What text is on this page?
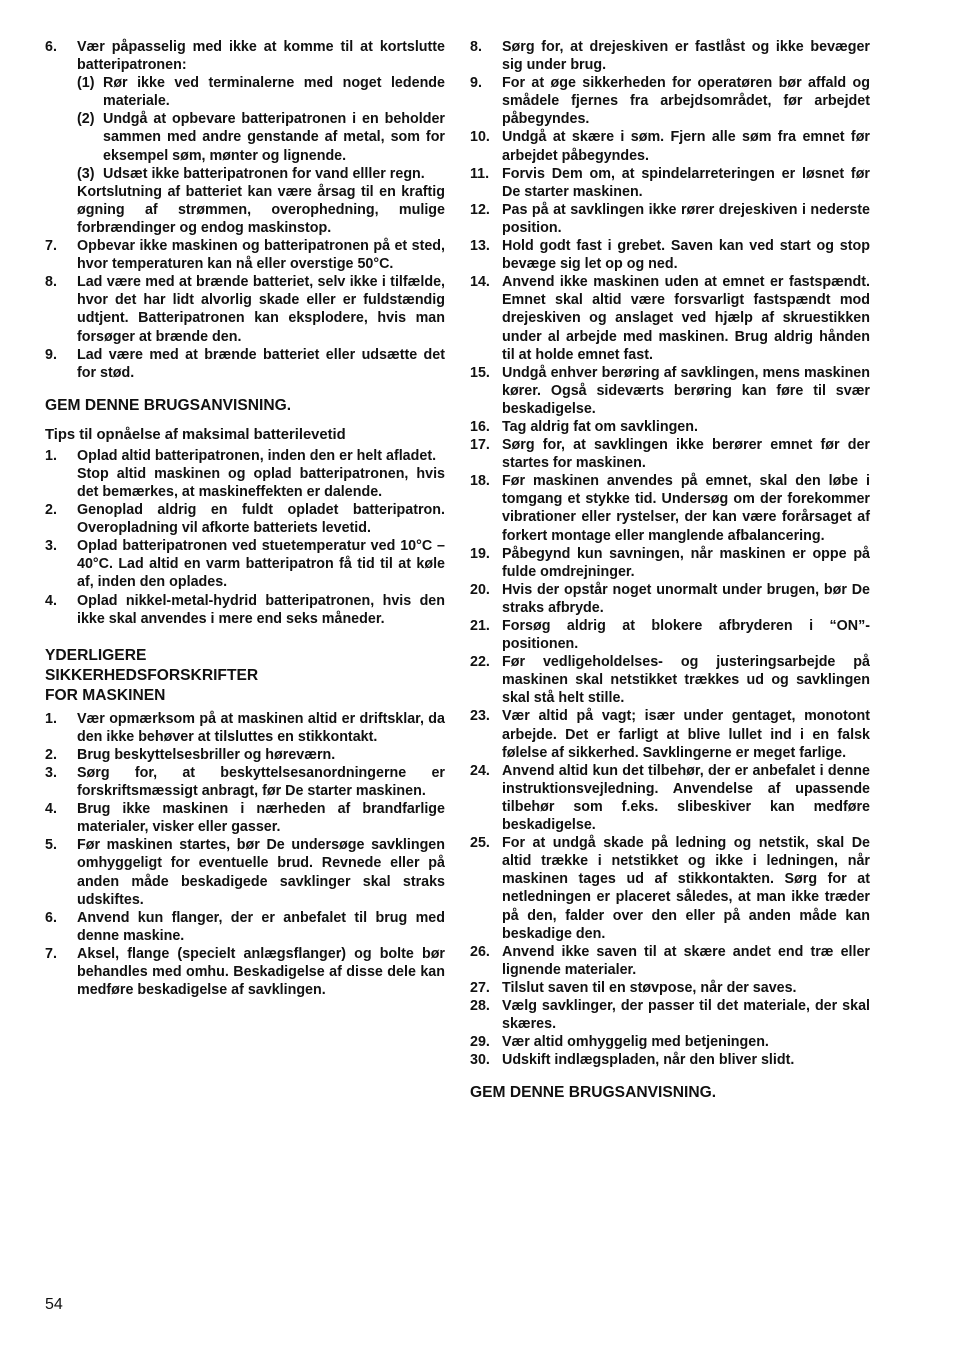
6. Vær påpasselig med ikke at komme til at kortslutte batteripatronen:
(1) Rør ikke ved terminalerne med noget ledende materiale.
(2) Undgå at opbevare batteripatronen i en beholder sammen med andre genstande af metal, som for eksempel søm, mønter og lignende.
(3) Udsæt ikke batteripatronen for vand elller regn.
Kortslutning af batteriet kan være årsag til en kraftig øgning af strømmen, overophedning, mulige forbrændinger og endog maskinstop.
7. Opbevar ikke maskinen og batteripatronen på et sted, hvor temperaturen kan nå eller overstige 50°C.
8. Lad være med at brænde batteriet, selv ikke i tilfælde, hvor det har lidt alvorlig skade eller er fuldstændig udtjent. Batteripatronen kan eksplodere, hvis man forsøger at brænde den.
9. Lad være med at brænde batteriet eller udsætte det for stød.
GEM DENNE BRUGSANVISNING.
Tips til opnåelse af maksimal batterilevetid
1. Oplad altid batteripatronen, inden den er helt afladet.
Stop altid maskinen og oplad batteripatronen, hvis det bemærkes, at maskineffekten er dalende.
2. Genoplad aldrig en fuldt opladet batteripatron. Overopladning vil afkorte batteriets levetid.
3. Oplad batteripatronen ved stuetemperatur ved 10°C – 40°C. Lad altid en varm batteripatron få tid til at køle af, inden den oplades.
4. Oplad nikkel-metal-hydrid batteripatronen, hvis den ikke skal anvendes i mere end seks måneder.
YDERLIGERE
SIKKERHEDSFORSKRIFTER
FOR MASKINEN
1. Vær opmærksom på at maskinen altid er driftsklar, da den ikke behøver at tilsluttes en stikkontakt.
2. Brug beskyttelsesbriller og høreværn.
3. Sørg for, at beskyttelsesanordningerne er forskriftsmæssigt anbragt, før De starter maskinen.
4. Brug ikke maskinen i nærheden af brandfarlige materialer, visker eller gasser.
5. Før maskinen startes, bør De undersøge savklingen omhyggeligt for eventuelle brud. Revnede eller på anden måde beskadigede savklinger skal straks udskiftes.
6. Anvend kun flanger, der er anbefalet til brug med denne maskine.
7. Aksel, flange (specielt anlægsflanger) og bolte bør behandles med omhu. Beskadigelse af disse dele kan medføre beskadigelse af savklingen.
8. Sørg for, at drejeskiven er fastlåst og ikke bevæger sig under brug.
9. For at øge sikkerheden for operatøren bør affald og smådele fjernes fra arbejdsområdet, før arbejdet påbegyndes.
10. Undgå at skære i søm. Fjern alle søm fra emnet før arbejdet påbegyndes.
11. Forvis Dem om, at spindelarreteringen er løsnet før De starter maskinen.
12. Pas på at savklingen ikke rører drejeskiven i nederste position.
13. Hold godt fast i grebet. Saven kan ved start og stop bevæge sig let op og ned.
14. Anvend ikke maskinen uden at emnet er fastspændt. Emnet skal altid være forsvarligt fastspændt mod drejeskiven og anslaget ved hjælp af skruestikken under al arbejde med maskinen. Brug aldrig hånden til at holde emnet fast.
15. Undgå enhver berøring af savklingen, mens maskinen kører. Også sideværts berøring kan føre til svær beskadigelse.
16. Tag aldrig fat om savklingen.
17. Sørg for, at savklingen ikke berører emnet før der startes for maskinen.
18. Før maskinen anvendes på emnet, skal den løbe i tomgang et stykke tid. Undersøg om der forekommer vibrationer eller rystelser, der kan være forårsaget af forkert montage eller manglende afbalancering.
19. Påbegynd kun savningen, når maskinen er oppe på fulde omdrejninger.
20. Hvis der opstår noget unormalt under brugen, bør De straks afbryde.
21. Forsøg aldrig at blokere afbryderen i “ON”-positionen.
22. Før vedligeholdelses- og justeringsarbejde på maskinen skal netstikket trækkes ud og savklingen skal stå helt stille.
23. Vær altid på vagt; især under gentaget, monotont arbejde. Det er farligt at blive lullet ind i en falsk følelse af sikkerhed. Savklingerne er meget farlige.
24. Anvend altid kun det tilbehør, der er anbefalet i denne instruktionsvejledning. Anvendelse af upassende tilbehør som f.eks. slibeskiver kan medføre beskadigelse.
25. For at undgå skade på ledning og netstik, skal De altid trække i netstikket og ikke i ledningen, når maskinen tages ud af stikkontakten. Sørg for at netledningen er placeret således, at man ikke træder på den, falder over den eller på anden måde kan beskadige den.
26. Anvend ikke saven til at skære andet end træ eller lignende materialer.
27. Tilslut saven til en støvpose, når der saves.
28. Vælg savklinger, der passer til det materiale, der skal skæres.
29. Vær altid omhyggelig med betjeningen.
30. Udskift indlægspladen, når den bliver slidt.
GEM DENNE BRUGSANVISNING.
54
